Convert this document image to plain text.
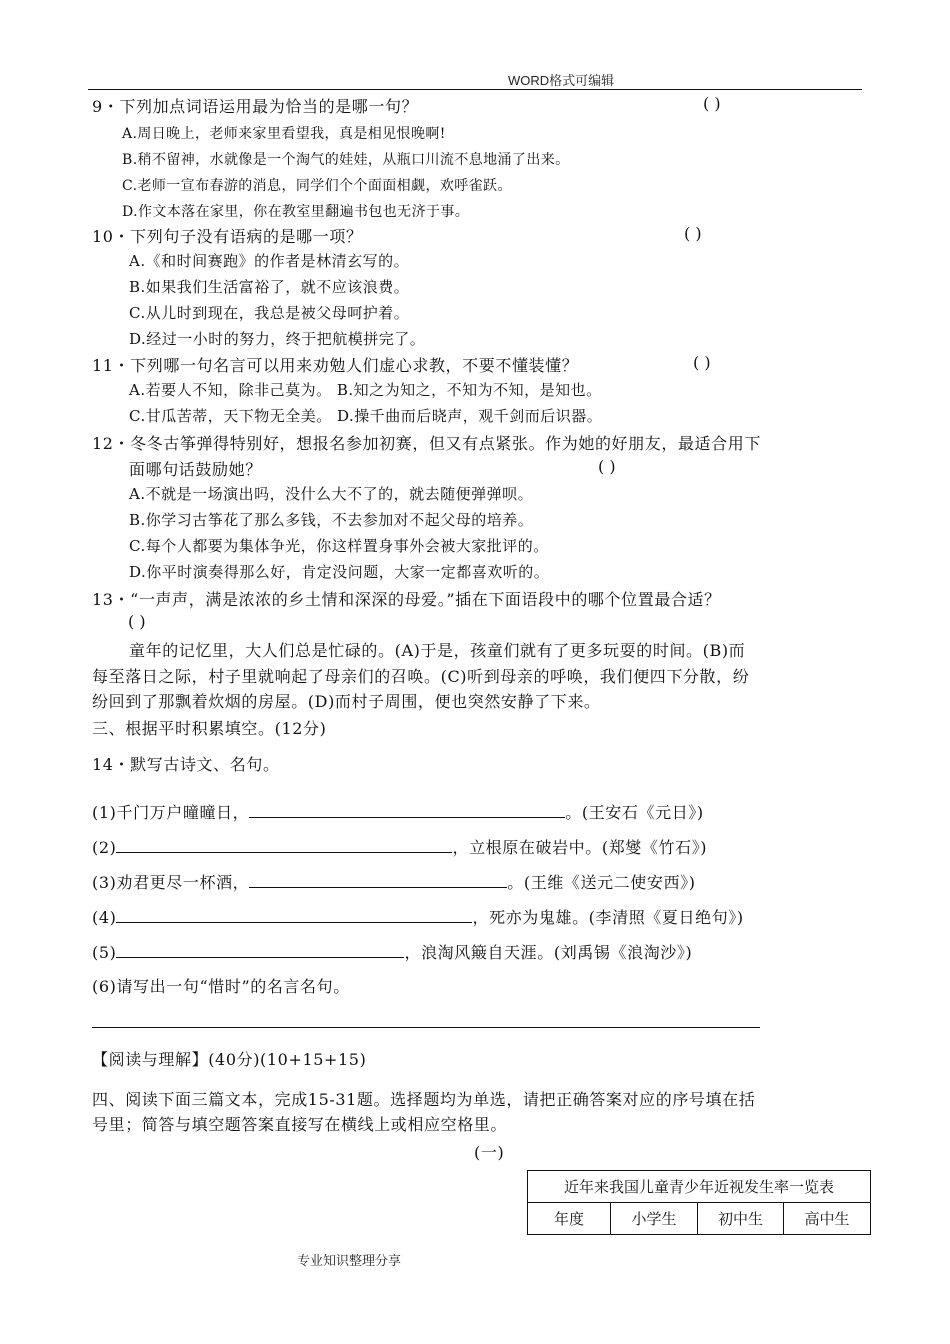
WORD格式可编辑
9・下列加点词语运用最为恰当的是哪一句？	( )
A.周日晚上，老师来家里看望我，真是相见恨晚啊!
B.稍不留神，水就像是一个淘气的娃娃，从瓶口川流不息地涌了出来。
C.老师一宣布春游的消息，同学们个个面面相觑，欢呼雀跃。
D.作文本落在家里，你在教室里翻遍书包也无济于事。
10・下列句子没有语病的是哪一项？	( )
A.《和时间赛跑》的作者是林清玄写的。
B.如果我们生活富裕了，就不应该浪费。
C.从儿时到现在，我总是被父母呵护着。
D.经过一小时的努力，终于把航模拼完了。
11・下列哪一句名言可以用来劝勉人们虚心求教，不要不懂装懂？	( )
A.若要人不知，除非己莫为。 B.知之为知之，不知为不知，是知也。
C.甘瓜苦蒂，天下物无全美。 D.操千曲而后晓声，观千剑而后识器。
12・冬冬古筝弹得特别好，想报名参加初赛，但又有点紧张。作为她的好朋友，最适合用下
面哪句话鼓励她？	( )
A.不就是一场演出吗，没什么大不了的，就去随便弹弹呗。
B.你学习古筝花了那么多钱，不去参加对不起父母的培养。
C.每个人都要为集体争光，你这样置身事外会被大家批评的。
D.你平时演奏得那么好，肯定没问题，大家一定都喜欢听的。
13・“一声声，满是浓浓的乡土情和深深的母爱。”插在下面语段中的哪个位置最合适？
( )
童年的记忆里，大人们总是忙碌的。(A)于是，孩童们就有了更多玩耍的时间。(B)而
每至落日之际，村子里就响起了母亲们的召唤。(C)听到母亲的呼唤，我们便四下分散，纷
纷回到了那飘着炊烟的房屋。(D)而村子周围，便也突然安静了下来。
三、根据平时积累填空。(12分)
14・默写古诗文、名句。
(1)千门万户曈曈日，	。(王安石《元日》)
(2)	，立根原在破岩中。(郑燮《竹石》)
(3)劝君更尽一杯酒，	。(王维《送元二使安西》)
(4)	，死亦为鬼雄。(李清照《夏日绝句》)
(5)	，浪淘风簸自天涯。(刘禹锡《浪淘沙》)
(6)请写出一句“惜时”的名言名句。
【阅读与理解】(40分)(10+15+15)
四、阅读下面三篇文本，完成15-31题。选择题均为单选，请把正确答案对应的序号填在括
号里；简答与填空题答案直接写在横线上或相应空格里。
(一)
近年来我国儿童青少年近视发生率一览表
年度	小学生	初中生	高中生
专业知识整理分享
